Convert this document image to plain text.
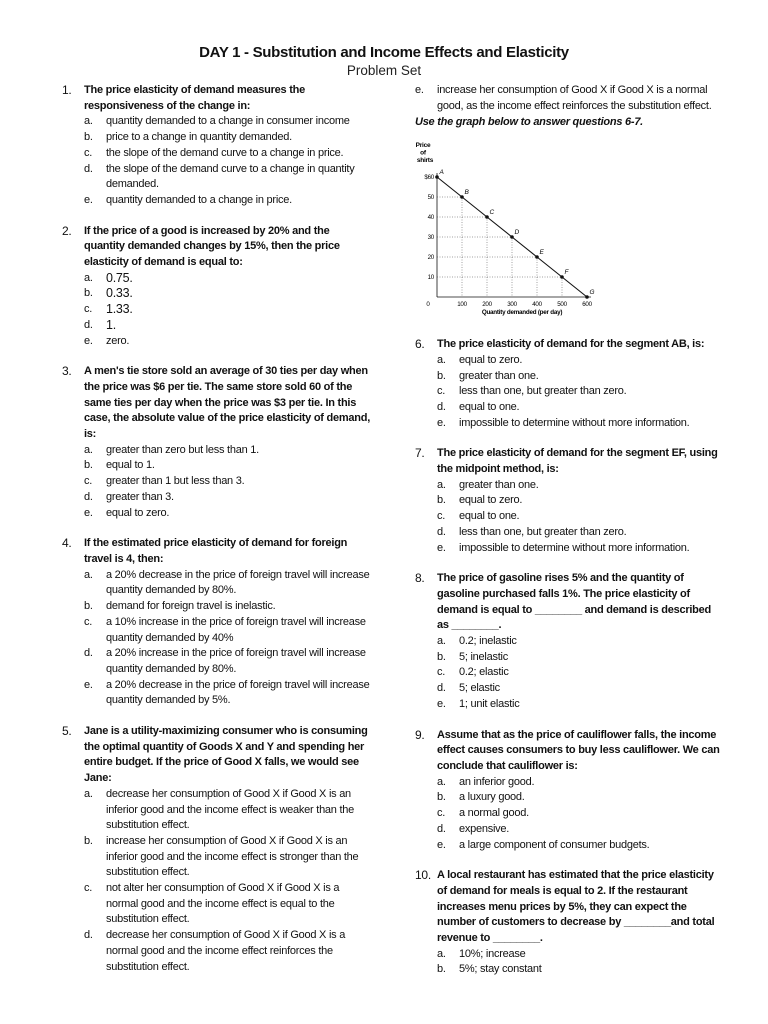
DAY 1 - Substitution and Income Effects and Elasticity
Problem Set
1.	The price elasticity of demand measures the responsiveness of the change in:
a.	quantity demanded to a change in consumer income
b.	price to a change in quantity demanded.
c.	the slope of the demand curve to a change in price.
d.	the slope of the demand curve to a change in quantity demanded.
e.	quantity demanded to a change in price.
2.	If the price of a good is increased by 20% and the quantity demanded changes by 15%, then the price elasticity of demand is equal to:
a.	0.75.
b.	0.33.
c.	1.33.
d.	1.
e.	zero.
3.	A men's tie store sold an average of 30 ties per day when the price was $6 per tie. The same store sold 60 of the same ties per day when the price was $3 per tie. In this case, the absolute value of the price elasticity of demand, is:
a.	greater than zero but less than 1.
b.	equal to 1.
c.	greater than 1 but less than 3.
d.	greater than 3.
e.	equal to zero.
4.	If the estimated price elasticity of demand for foreign travel is 4, then:
a.	a 20% decrease in the price of foreign travel will increase quantity demanded by 80%.
b.	demand for foreign travel is inelastic.
c.	a 10% increase in the price of foreign travel will increase quantity demanded by 40%
d.	a 20% increase in the price of foreign travel will increase quantity demanded by 80%.
e.	a 20% decrease in the price of foreign travel will increase quantity demanded by 5%.
5.	Jane is a utility-maximizing consumer who is consuming the optimal quantity of Goods X and Y and spending her entire budget. If the price of Good X falls, we would see Jane:
a.	decrease her consumption of Good X if Good X is an inferior good and the income effect is weaker than the substitution effect.
b.	increase her consumption of Good X if Good X is an inferior good and the income effect is stronger than the substitution effect.
c.	not alter her consumption of Good X if Good X is a normal good and the income effect is equal to the substitution effect.
d.	decrease her consumption of Good X if Good X is a normal good and the income effect reinforces the substitution effect.
e.	increase her consumption of Good X if Good X is a normal good, as the income effect reinforces the substitution effect.
Use the graph below to answer questions 6-7.
Price of shirts
A
B
C
D
E
F
G
10
20
30
40
50
$60
0	100 200 300 400 500 600
Quantity demanded (per day)
6.	The price elasticity of demand for the segment AB, is:
a.	equal to zero.
b.	greater than one.
c.	less than one, but greater than zero.
d.	equal to one.
e.	impossible to determine without more information.
7.	The price elasticity of demand for the segment EF, using the midpoint method, is:
a.	greater than one.
b.	equal to zero.
c.	equal to one.
d.	less than one, but greater than zero.
e.	impossible to determine without more information.
8.	The price of gasoline rises 5% and the quantity of gasoline purchased falls 1%. The price elasticity of demand is equal to ________ and demand is described as ________.
a.	0.2; inelastic
b.	5; inelastic
c.	0.2; elastic
d.	5; elastic
e.	1; unit elastic
9.	Assume that as the price of cauliflower falls, the income effect causes consumers to buy less cauliflower. We can conclude that cauliflower is:
a.	an inferior good.
b.	a luxury good.
c.	a normal good.
d.	expensive.
e.	a large component of consumer budgets.
10. A local restaurant has estimated that the price elasticity of demand for meals is equal to 2. If the restaurant increases menu prices by 5%, they can expect the number of customers to decrease by ________and total revenue to ________.
a.	10%; increase
b.	5%; stay constant
